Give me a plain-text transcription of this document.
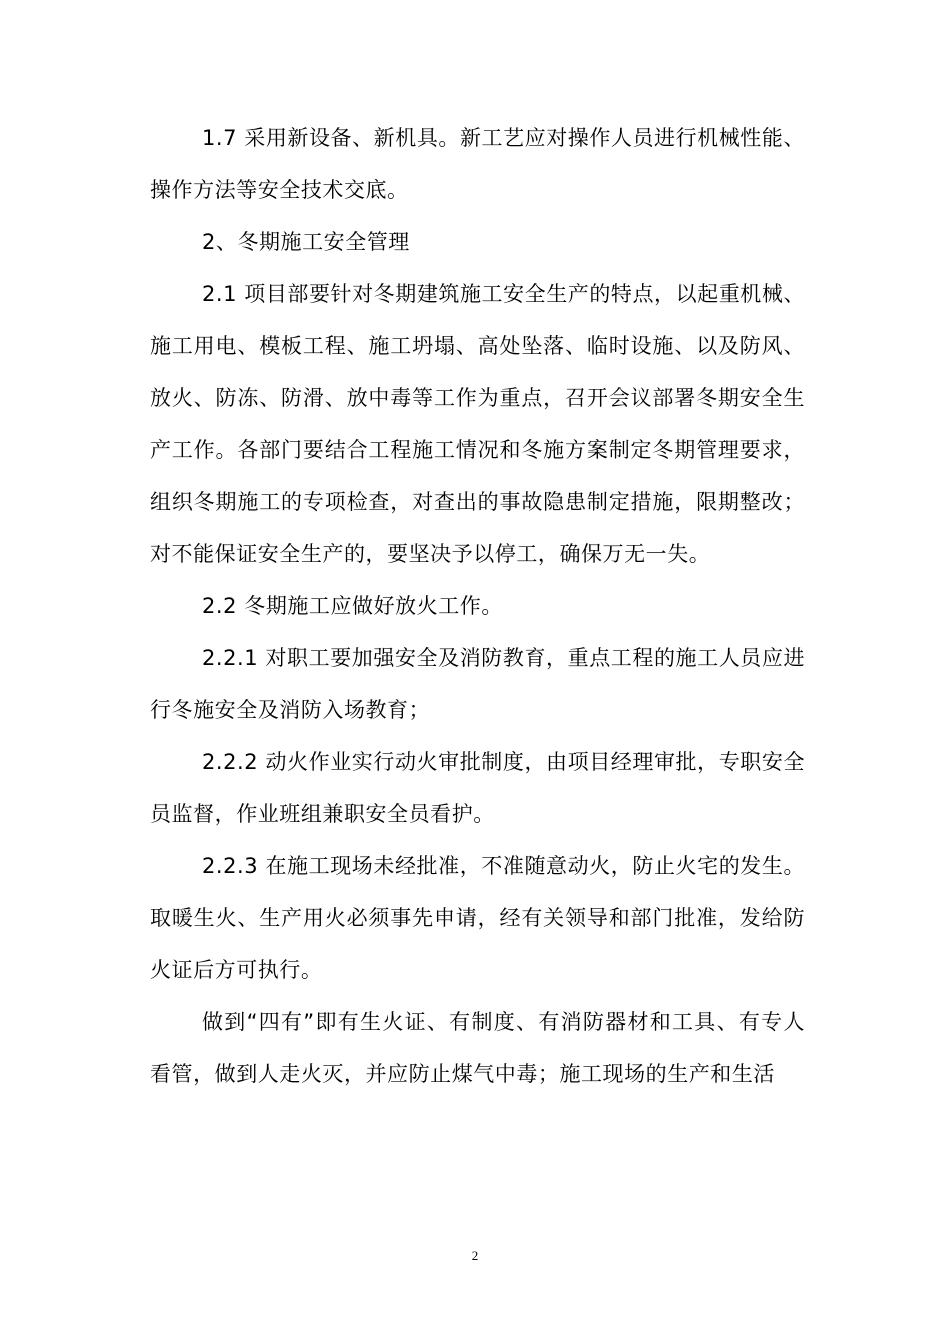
1.7 采用新设备、新机具。新工艺应对操作人员进行机械性能、操作方法等安全技术交底。

2、冬期施工安全管理

2.1 项目部要针对冬期建筑施工安全生产的特点，以起重机械、施工用电、模板工程、施工坍塌、高处坠落、临时设施、以及防风、放火、防冻、防滑、放中毒等工作为重点，召开会议部署冬期安全生产工作。各部门要结合工程施工情况和冬施方案制定冬期管理要求，组织冬期施工的专项检查，对查出的事故隐患制定措施，限期整改；对不能保证安全生产的，要坚决予以停工，确保万无一失。

2.2 冬期施工应做好放火工作。

2.2.1 对职工要加强安全及消防教育，重点工程的施工人员应进行冬施安全及消防入场教育；

2.2.2 动火作业实行动火审批制度，由项目经理审批，专职安全员监督，作业班组兼职安全员看护。

2.2.3 在施工现场未经批准，不准随意动火，防止火宅的发生。取暖生火、生产用火必须事先申请，经有关领导和部门批准，发给防火证后方可执行。

做到“四有”即有生火证、有制度、有消防器材和工具、有专人看管，做到人走火灭，并应防止煤气中毒；施工现场的生产和生活

2
